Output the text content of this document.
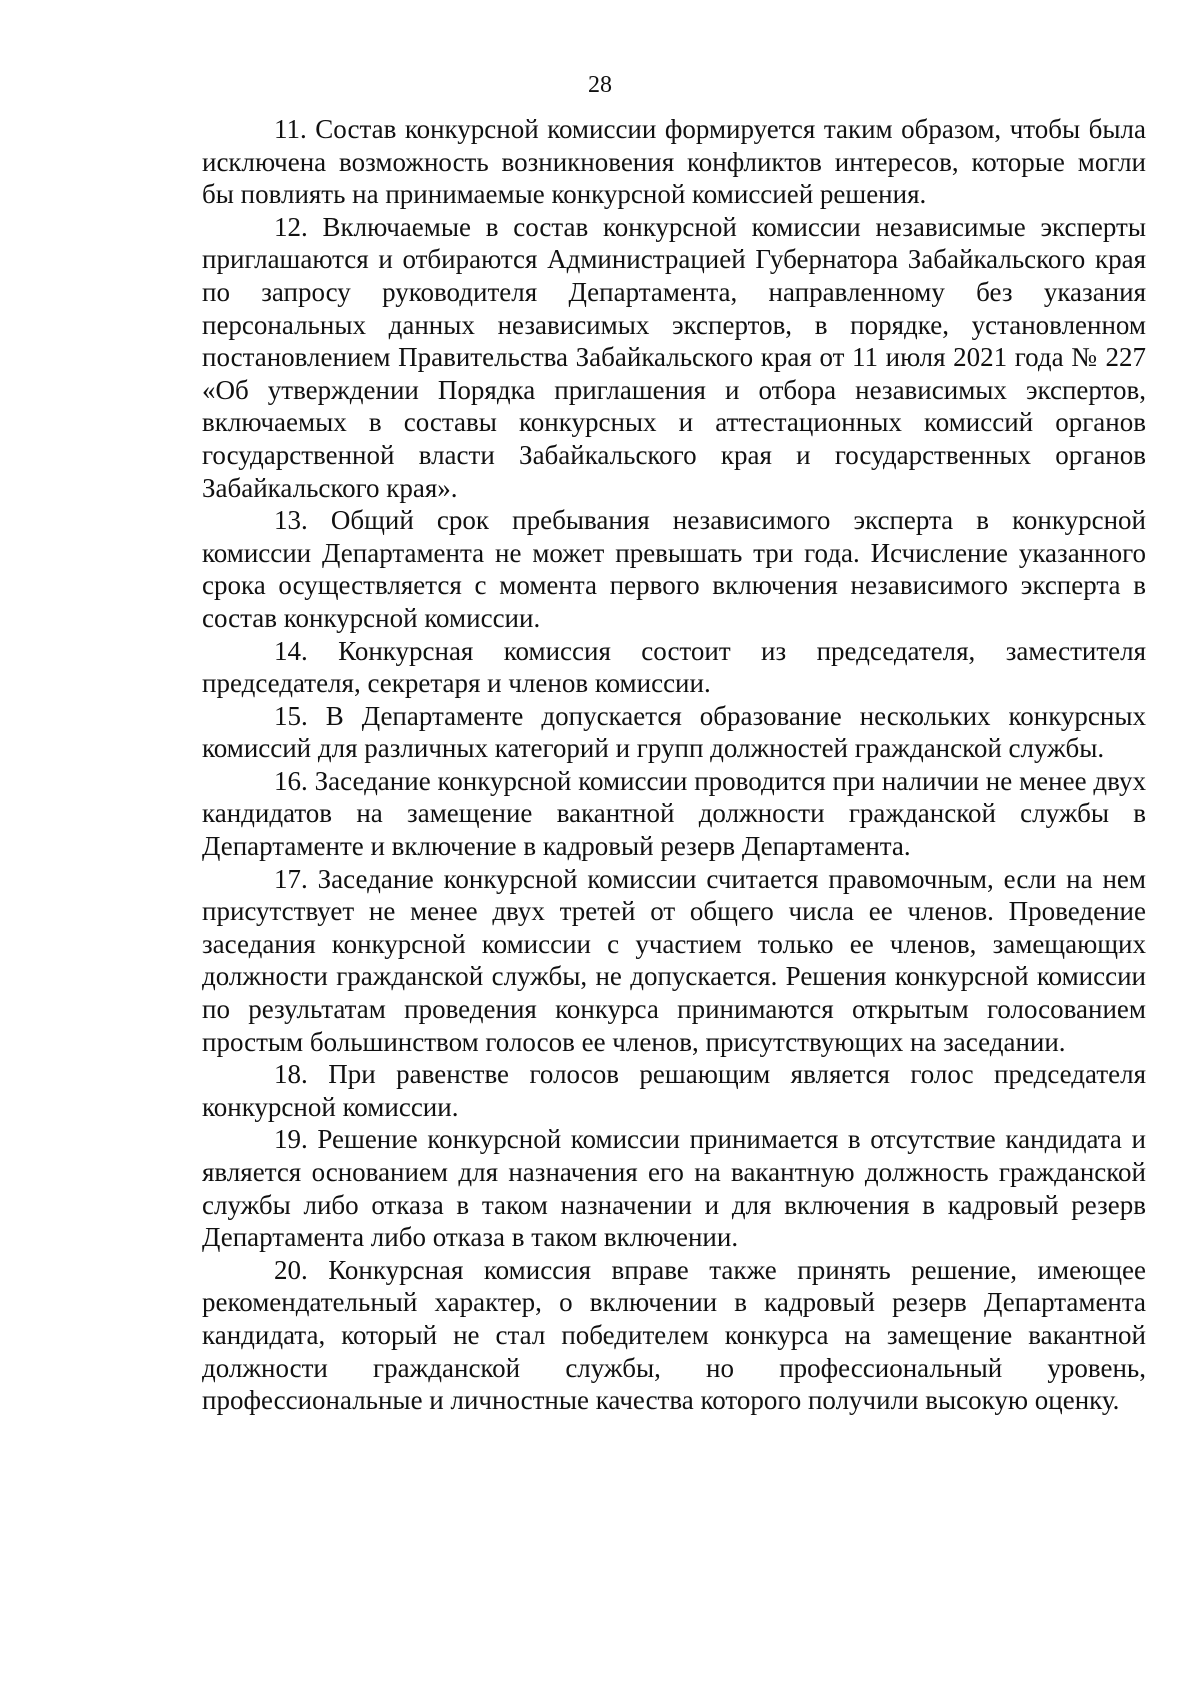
28

11. Состав конкурсной комиссии формируется таким образом, чтобы была исключена возможность возникновения конфликтов интересов, которые могли бы повлиять на принимаемые конкурсной комиссией решения.

12. Включаемые в состав конкурсной комиссии независимые эксперты приглашаются и отбираются Администрацией Губернатора Забайкальского края по запросу руководителя Департамента, направленному без указания персональных данных независимых экспертов, в порядке, установленном постановлением Правительства Забайкальского края от 11 июля 2021 года № 227 «Об утверждении Порядка приглашения и отбора независимых экспертов, включаемых в составы конкурсных и аттестационных комиссий органов государственной власти Забайкальского края и государственных органов Забайкальского края».

13. Общий срок пребывания независимого эксперта в конкурсной комиссии Департамента не может превышать три года. Исчисление указанного срока осуществляется с момента первого включения независимого эксперта в состав конкурсной комиссии.

14. Конкурсная комиссия состоит из председателя, заместителя председателя, секретаря и членов комиссии.

15. В Департаменте допускается образование нескольких конкурсных комиссий для различных категорий и групп должностей гражданской службы.

16. Заседание конкурсной комиссии проводится при наличии не менее двух кандидатов на замещение вакантной должности гражданской службы в Департаменте и включение в кадровый резерв Департамента.

17. Заседание конкурсной комиссии считается правомочным, если на нем присутствует не менее двух третей от общего числа ее членов. Проведение заседания конкурсной комиссии с участием только ее членов, замещающих должности гражданской службы, не допускается. Решения конкурсной комиссии по результатам проведения конкурса принимаются открытым голосованием простым большинством голосов ее членов, присутствующих на заседании.

18. При равенстве голосов решающим является голос председателя конкурсной комиссии.

19. Решение конкурсной комиссии принимается в отсутствие кандидата и является основанием для назначения его на вакантную должность гражданской службы либо отказа в таком назначении и для включения в кадровый резерв Департамента либо отказа в таком включении.

20. Конкурсная комиссия вправе также принять решение, имеющее рекомендательный характер, о включении в кадровый резерв Департамента кандидата, который не стал победителем конкурса на замещение вакантной должности гражданской службы, но профессиональный уровень, профессиональные и личностные качества которого получили высокую оценку.
